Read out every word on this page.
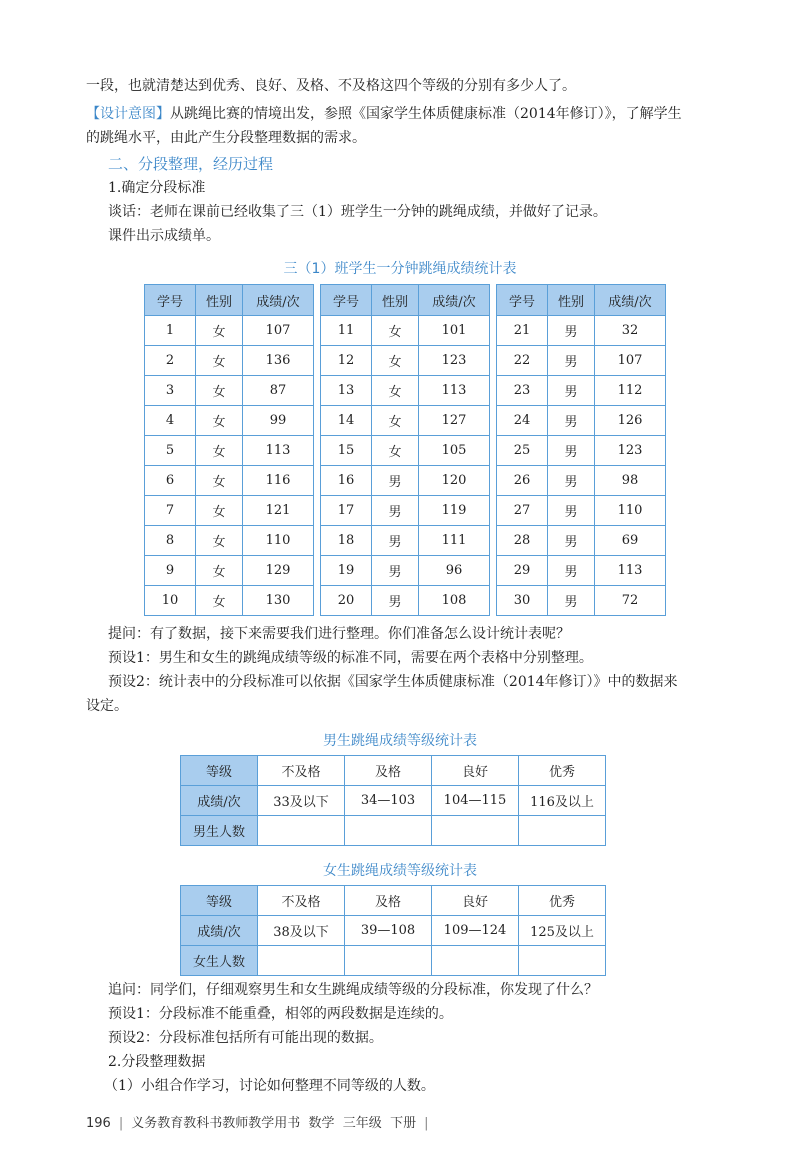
一段，也就清楚达到优秀、良好、及格、不及格这四个等级的分别有多少人了。
【设计意图】从跳绳比赛的情境出发，参照《国家学生体质健康标准（2014年修订）》，了解学生
的跳绳水平，由此产生分段整理数据的需求。
二、分段整理，经历过程
1.确定分段标准
谈话：老师在课前已经收集了三（1）班学生一分钟的跳绳成绩，并做好了记录。
课件出示成绩单。
三（1）班学生一分钟跳绳成绩统计表
学号	性别	成绩/次
1	女	107
2	女	136
3	女	87
4	女	99
5	女	113
6	女	116
7	女	121
8	女	110
9	女	129
10	女	130
学号	性别	成绩/次
11	女	101
12	女	123
13	女	113
14	女	127
15	女	105
16	男	120
17	男	119
18	男	111
19	男	96
20	男	108
学号	性别	成绩/次
21	男	32
22	男	107
23	男	112
24	男	126
25	男	123
26	男	98
27	男	110
28	男	69
29	男	113
30	男	72
提问：有了数据，接下来需要我们进行整理。你们准备怎么设计统计表呢？
预设1：男生和女生的跳绳成绩等级的标准不同，需要在两个表格中分别整理。
预设2：统计表中的分段标准可以依据《国家学生体质健康标准（2014年修订）》中的数据来
设定。
男生跳绳成绩等级统计表
等级	不及格	及格	良好	优秀
成绩/次	33及以下	34—103	104—115	116及以上
男生人数				
女生跳绳成绩等级统计表
等级	不及格	及格	良好	优秀
成绩/次	38及以下	39—108	109—124	125及以上
女生人数				
追问：同学们，仔细观察男生和女生跳绳成绩等级的分段标准，你发现了什么？
预设1：分段标准不能重叠，相邻的两段数据是连续的。
预设2：分段标准包括所有可能出现的数据。
2.分段整理数据
（1）小组合作学习，讨论如何整理不同等级的人数。
196 | 义务教育教科书教师教学用书 数学 三年级 下册 |
